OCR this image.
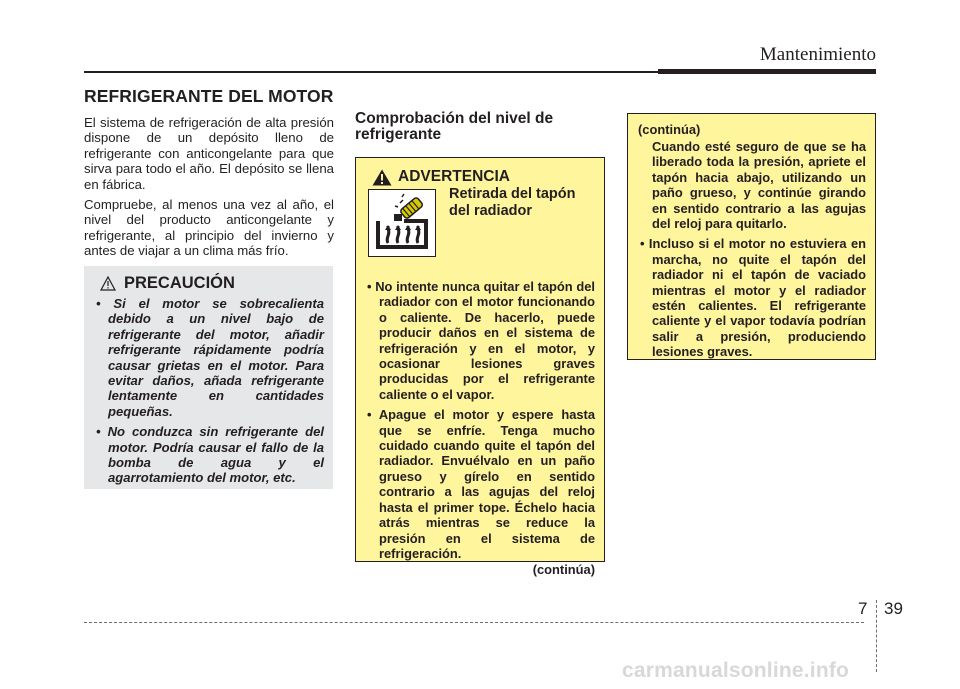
Mantenimiento
REFRIGERANTE DEL MOTOR

El sistema de refrigeración de alta presión dispone de un depósito lleno de refrigerante con anticongelante para que sirva para todo el año. El depósito se llena en fábrica.

Compruebe, al menos una vez al año, el nivel del producto anticongelante y refrigerante, al principio del invierno y antes de viajar a un clima más frío.

PRECAUCIÓN
• Si el motor se sobrecalienta debido a un nivel bajo de refrigerante del motor, añadir refrigerante rápidamente podría causar grietas en el motor. Para evitar daños, añada refrigerante lentamente en cantidades pequeñas.
• No conduzca sin refrigerante del motor. Podría causar el fallo de la bomba de agua y el agarrotamiento del motor, etc.
Comprobación del nivel de refrigerante
ADVERTENCIA
Retirada del tapón del radiador
• No intente nunca quitar el tapón del radiador con el motor funcionando o caliente. De hacerlo, puede producir daños en el sistema de refrigeración y en el motor, y ocasionar lesiones graves producidas por el refrigerante caliente o el vapor.
• Apague el motor y espere hasta que se enfríe. Tenga mucho cuidado cuando quite el tapón del radiador. Envuélvalo en un paño grueso y gírelo en sentido contrario a las agujas del reloj hasta el primer tope. Échelo hacia atrás mientras se reduce la presión en el sistema de refrigeración.
(continúa)
(continúa)
Cuando esté seguro de que se ha liberado toda la presión, apriete el tapón hacia abajo, utilizando un paño grueso, y continúe girando en sentido contrario a las agujas del reloj para quitarlo.
• Incluso si el motor no estuviera en marcha, no quite el tapón del radiador ni el tapón de vaciado mientras el motor y el radiador estén calientes. El refrigerante caliente y el vapor todavía podrían salir a presión, produciendo lesiones graves.
7 39
carmanualsonline.info
